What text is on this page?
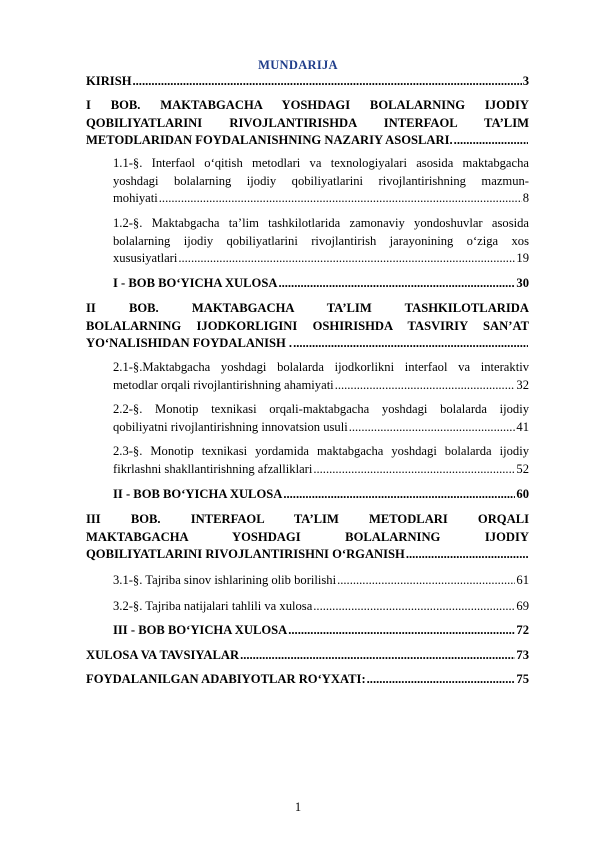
MUNDARIJA
KIRISH .....	3
I BOB. MAKTABGACHA YOSHDAGI BOLALARNING IJODIY
QOBILIYATLARINI RIVOJLANTIRISHDA INTERFAOL TA’LIM
METODLARIDAN FOYDALANISHNING NAZARIY ASOSLARI.
.....
1.1-§. Interfaol o‘qitish metodlari va texnologiyalari asosida maktabgacha
yoshdagi bolalarning ijodiy qobiliyatlarini rivojlantirishning mazmun-
mohiyati .....	8
1.2-§. Maktabgacha ta’lim tashkilotlarida zamonaviy yondoshuvlar asosida
bolalarning ijodiy qobiliyatlarini rivojlantirish jarayonining o‘ziga xos
xususiyatlari .....	19
I - BOB BO‘YICHA XULOSA .....	30
II BOB. MAKTABGACHA TA’LIM TASHKILOTLARIDA
BOLALARNING IJODKORLIGINI OSHIRISHDA TASVIRIY SAN’AT
YO‘NALISHIDAN FOYDALANISH .
.....
2.1-§.Maktabgacha yoshdagi bolalarda ijodkorlikni interfaol va interaktiv
metodlar orqali rivojlantirishning ahamiyati .....	32
2.2-§. Monotip texnikasi orqali-maktabgacha yoshdagi bolalarda ijodiy
qobiliyatni rivojlantirishning innovatsion usuli .....	41
2.3-§. Monotip texnikasi yordamida maktabgacha yoshdagi bolalarda ijodiy
fikrlashni shakllantirishning afzalliklari .....	52
II - BOB BO‘YICHA XULOSA .....	60
III BOB. INTERFAOL TA’LIM METODLARI ORQALI
MAKTABGACHA YOSHDAGI BOLALARNING IJODIY
QOBILIYATLARINI RIVOJLANTIRISHNI O‘RGANISH
.....
3.1-§. Tajriba sinov ishlarining olib borilishi .....	61
3.2-§. Tajriba natijalari tahlili va xulosa .....	69
III - BOB BO‘YICHA XULOSA .....	72
XULOSA VA TAVSIYALAR .....	73
FOYDALANILGAN ADABIYOTLAR RO‘YXATI: .....	75
1
